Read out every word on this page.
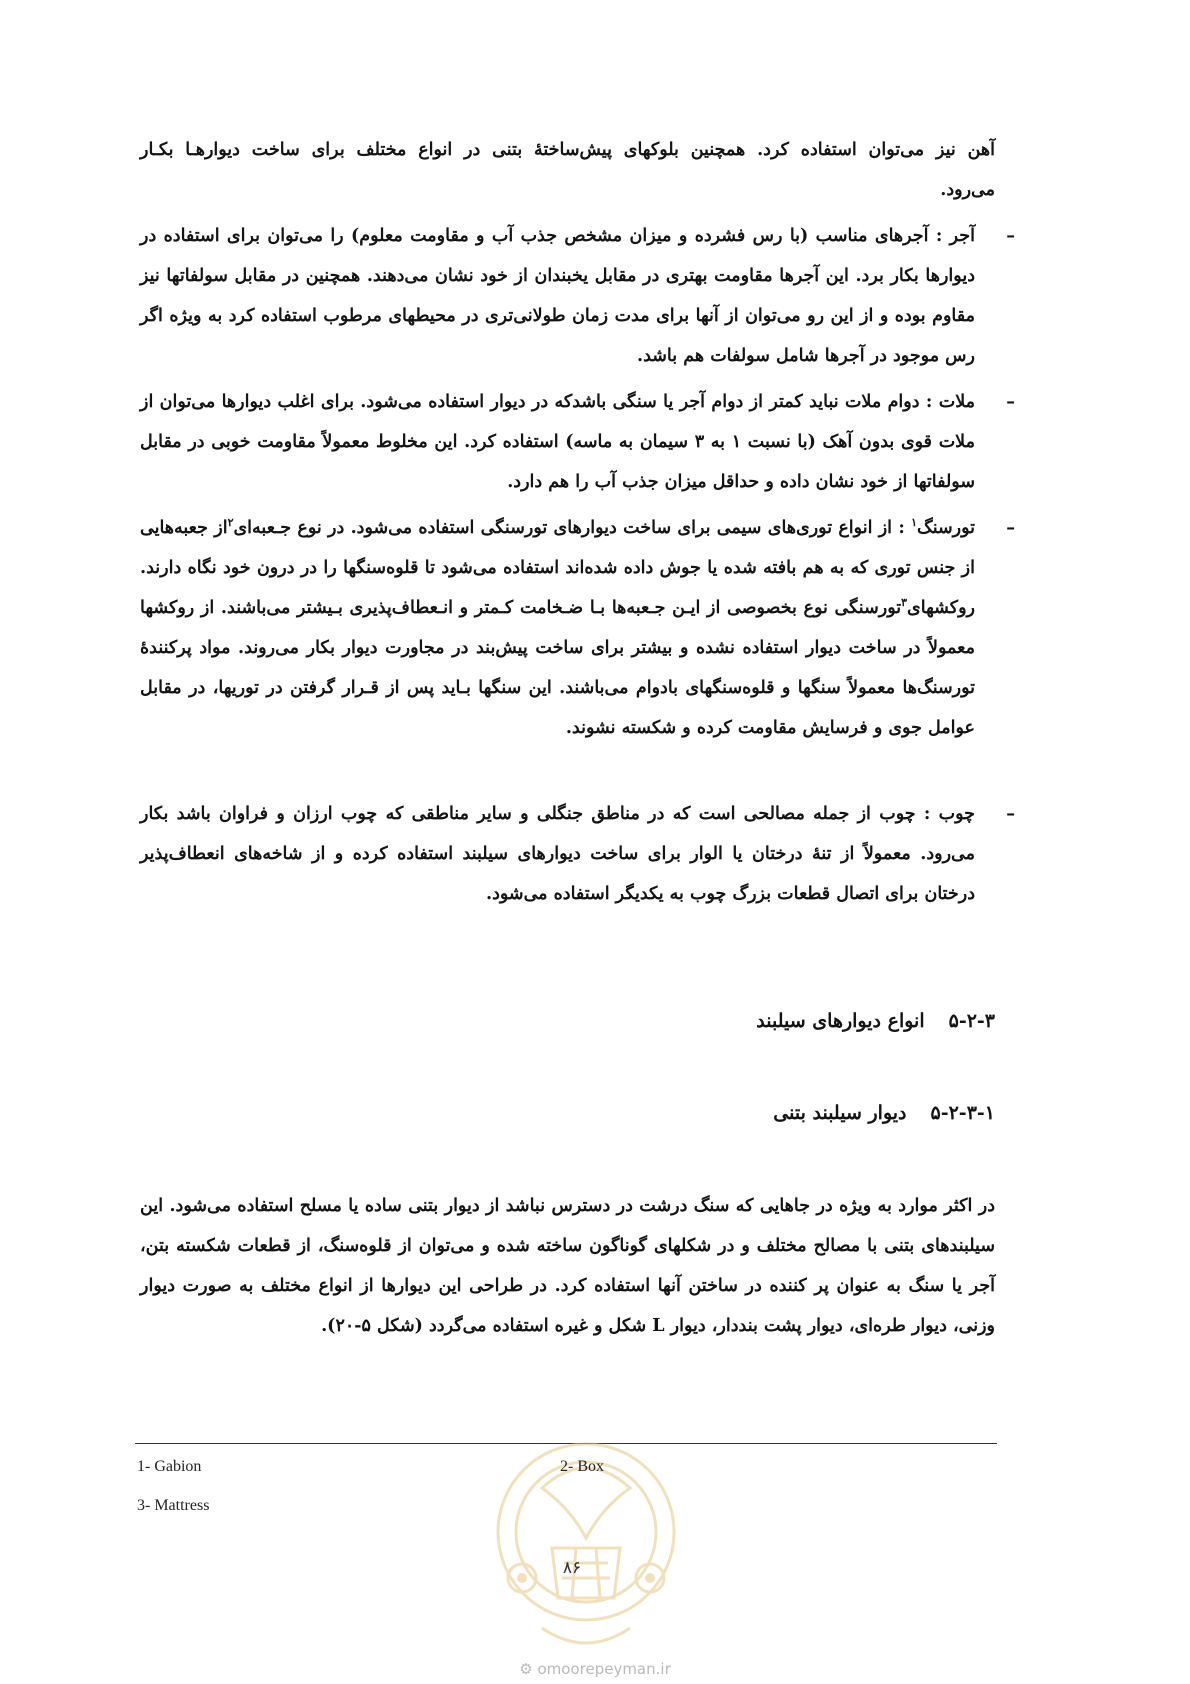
آهن نیز می‌توان استفاده کرد. همچنین بلوکهای پیش‌ساختهٔ بتنی در انواع مختلف برای ساخت دیوارهـا بکـار
می‌رود.
–
آجر : آجرهای مناسب (با رس فشرده و میزان مشخص جذب آب و مقاومت معلوم) را می‌توان برای استفاده در دیوارها بکار برد. این آجرها مقاومت بهتری در مقابل یخبندان از خود نشان می‌دهند. همچنین در مقابل سولفاتها نیز مقاوم بوده و از این رو می‌توان از آنها برای مدت زمان طولانی‌تری در محیطهای مرطوب استفاده کرد به ویژه اگر رس موجود در آجرها شامل سولفات هم باشد.
–
ملات : دوام ملات نباید کمتر از دوام آجر یا سنگی باشدکه در دیوار استفاده می‌شود. برای اغلب دیوارها می‌توان از ملات قوی بدون آهک (با نسبت ۱ به ۳ سیمان به ماسه) استفاده کرد. این مخلوط معمولاً مقاومت خوبی در مقابل سولفاتها از خود نشان داده و حداقل میزان جذب آب را هم دارد.
–
تورسنگ$^۱$ : از انواع توری‌های سیمی برای ساخت دیوارهای تورسنگی استفاده می‌شود. در نوع جـعبه‌ای$^۲$از جعبه‌هایی از جنس توری که به هم بافته شده یا جوش داده شده‌اند استفاده می‌شود تا قلوه‌سنگها را در درون خود نگاه دارند. روکشهای$^۳$تورسنگی نوع بخصوصی از ایـن جـعبه‌ها بـا ضـخامت کـمتر و انـعطاف‌پذیری بـیشتر می‌باشند. از روکشها معمولاً در ساخت دیوار استفاده نشده و بیشتر برای ساخت پیش‌بند در مجاورت دیوار بکار می‌روند. مواد پرکنندهٔ تورسنگ‌ها معمولاً سنگها و قلوه‌سنگهای بادوام می‌باشند. این سنگها بـاید پس از قـرار گرفتن در توریها، در مقابل عوامل جوی و فرسایش مقاومت کرده و شکسته نشوند.
–
چوب : چوب از جمله مصالحی است که در مناطق جنگلی و سایر مناطقی که چوب ارزان و فراوان باشد بکار می‌رود. معمولاً از تنهٔ درختان یا الوار برای ساخت دیوارهای سیلبند استفاده کرده و از شاخه‌های انعطاف‌پذیر درختان برای اتصال قطعات بزرگ چوب به یکدیگر استفاده می‌شود.
۵-۲-۳انواع دیوارهای سیلبند
۵-۲-۳-۱دیوار سیلبند بتنی
در اکثر موارد به ویژه در جاهایی که سنگ درشت در دسترس نباشد از دیوار بتنی ساده یا مسلح استفاده می‌شود. این سیلبندهای بتنی با مصالح مختلف و در شکلهای گوناگون ساخته شده و می‌توان از قلوه‌سنگ، از قطعات شکسته بتن، آجر یا سنگ به عنوان پر کننده در ساختن آنها استفاده کرد. در طراحی این دیوارها از انواع مختلف به صورت دیوار وزنی، دیوار طره‌ای، دیوار پشت بنددار، دیوار L شکل و غیره استفاده می‌گردد (شکل ۵-۲۰).
1- Gabion	2- Box
3- Mattress
۸۶
⚙ omoorepeyman.ir
